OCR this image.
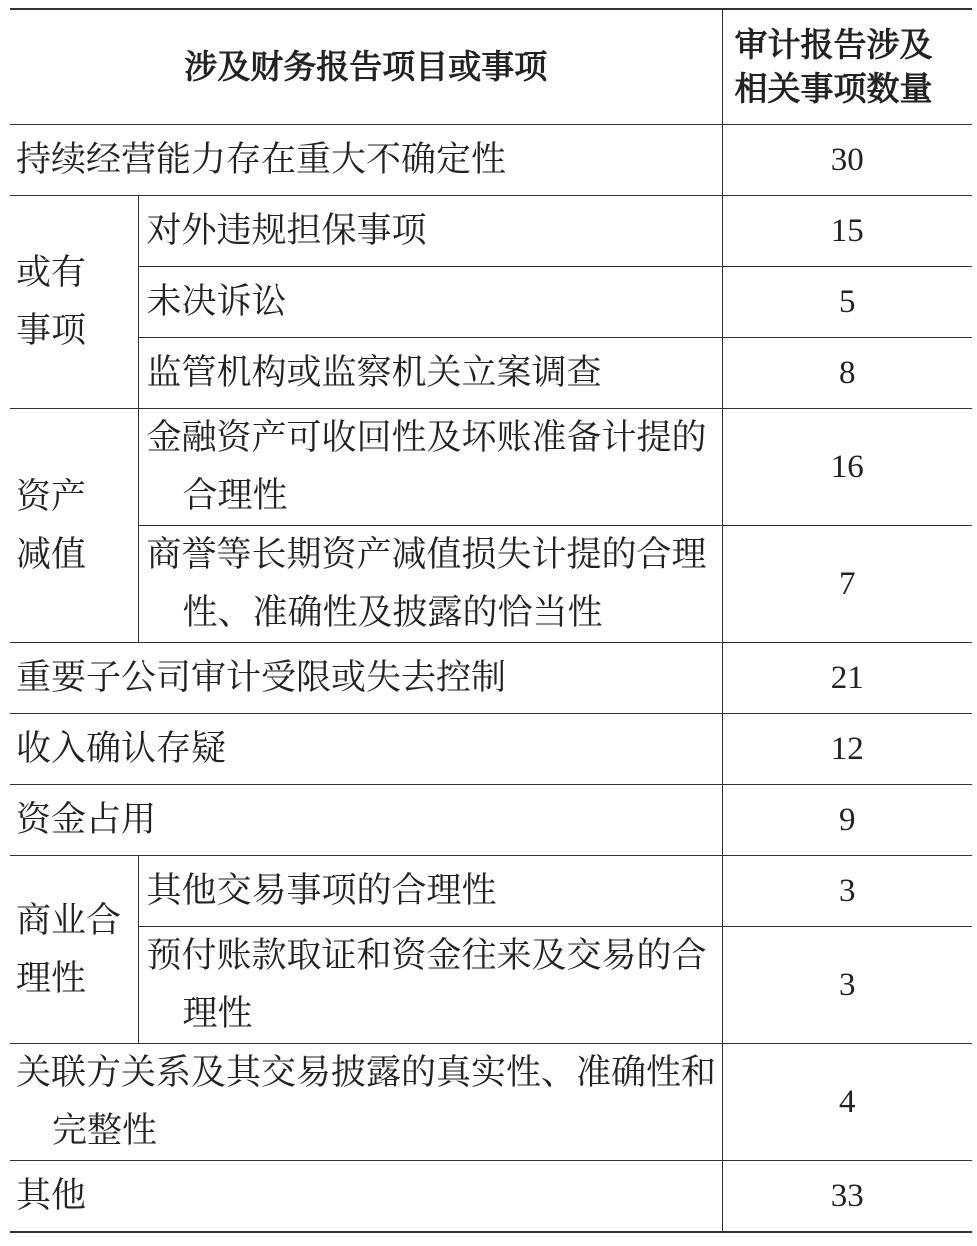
涉及财务报告项目或事项		审计报告涉及相关事项数量

持续经营能力存在重大不确定性		30

或有事项	对外违规担保事项	15
	未决诉讼	5
	监管机构或监察机关立案调查	8

资产减值	金融资产可收回性及坏账准备计提的合理性	16

	商誉等长期资产减值损失计提的合理性、准确性及披露的恰当性	7
重要子公司审计受限或失去控制		21
收入确认存疑		12
资金占用		9

商业合理性	其他交易事项的合理性	3

	预付账款取证和资金往来及交易的合理性	3

关联方关系及其交易披露的真实性、准确性和完整性		4
其他		33
